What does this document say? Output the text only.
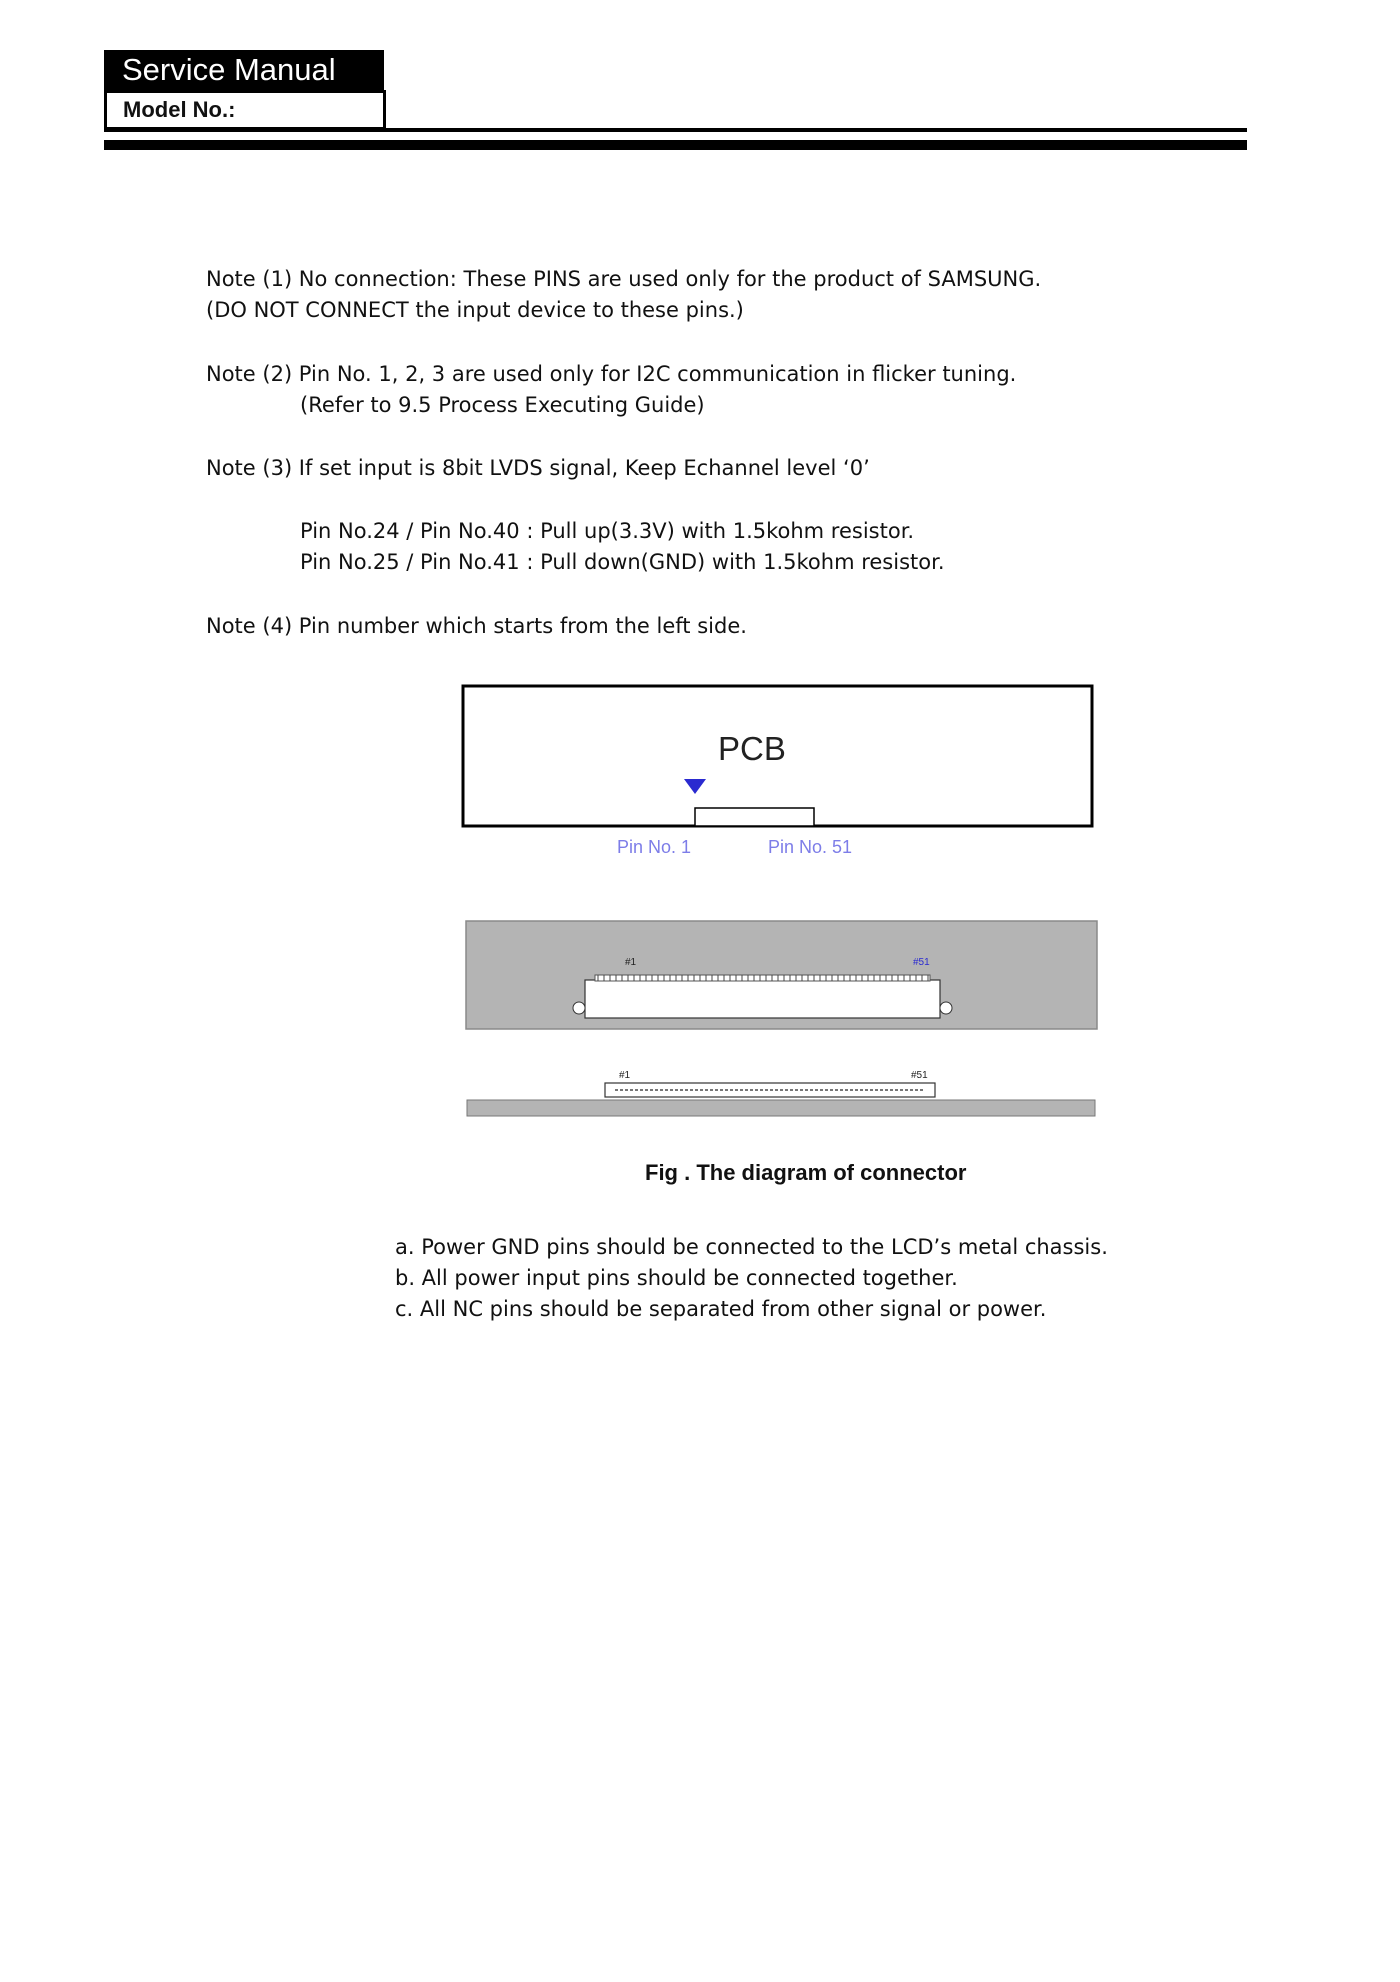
Service Manual
Model No.:
Note (1) No connection: These PINS are used only for the product of SAMSUNG.
(DO NOT CONNECT the input device to these pins.)
Note (2) Pin No. 1, 2, 3 are used only for I2C communication in flicker tuning.
(Refer to 9.5 Process Executing Guide)
Note (3) If set input is 8bit LVDS signal, Keep Echannel level ‘0’
Pin No.24 / Pin No.40 : Pull up(3.3V) with 1.5kohm resistor.
Pin No.25 / Pin No.41 : Pull down(GND) with 1.5kohm resistor.
Note (4) Pin number which starts from the left side.
PCB
Pin No. 1	Pin No. 51
#1	#51
#1	#51
Fig . The diagram of connector
a. Power GND pins should be connected to the LCD’s metal chassis.
b. All power input pins should be connected together.
c. All NC pins should be separated from other signal or power.
